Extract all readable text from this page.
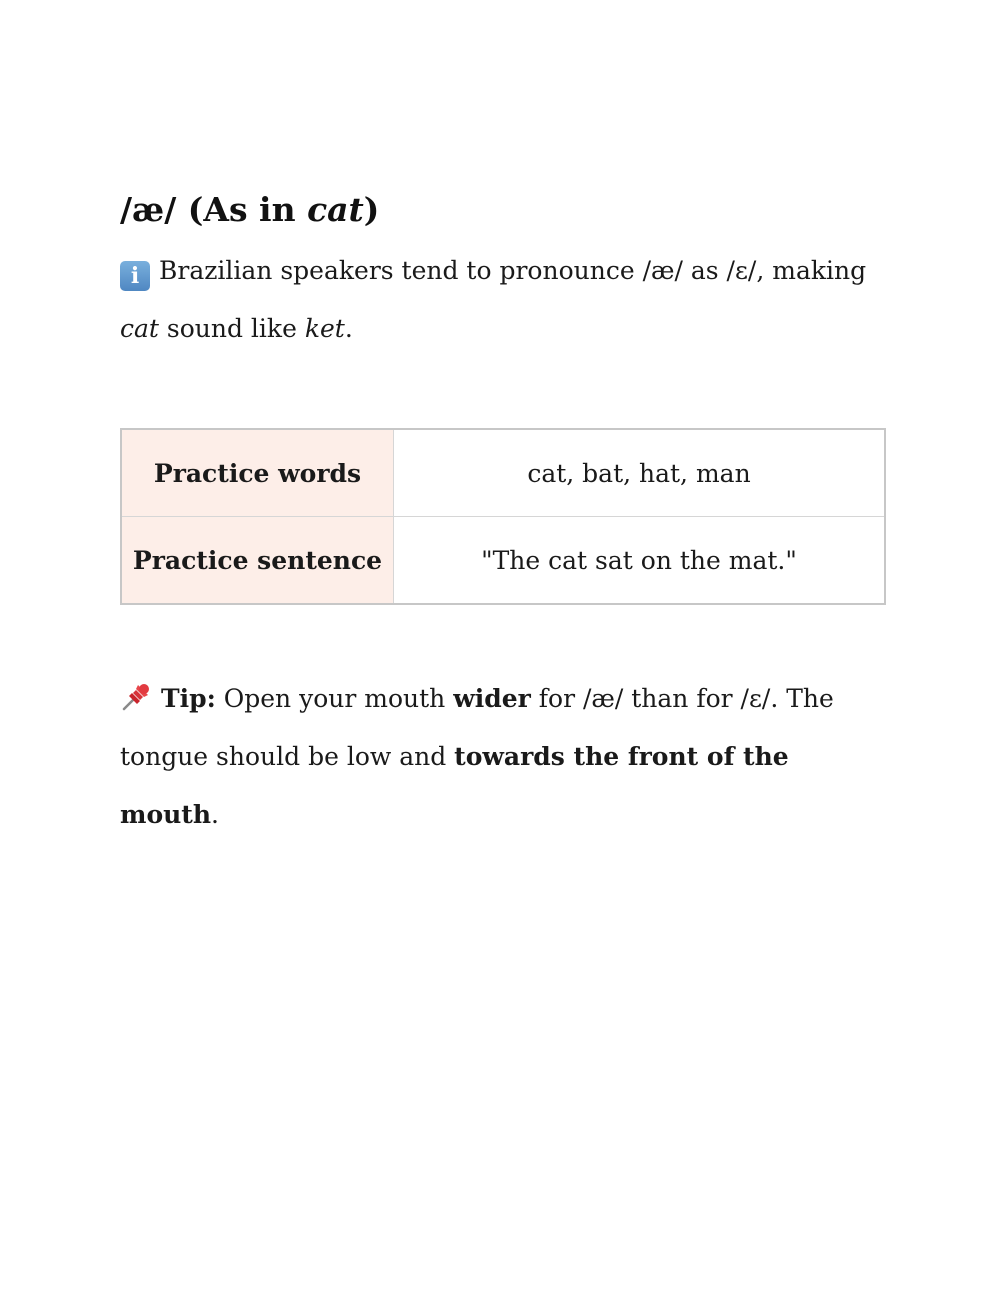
/æ/ (As in cat)

i Brazilian speakers tend to pronounce /æ/ as /ɛ/, making cat sound like ket.

Practice words	cat, bat, hat, man
Practice sentence	"The cat sat on the mat."

Tip: Open your mouth wider for /æ/ than for /ɛ/. The tongue should be low and towards the front of the mouth.
